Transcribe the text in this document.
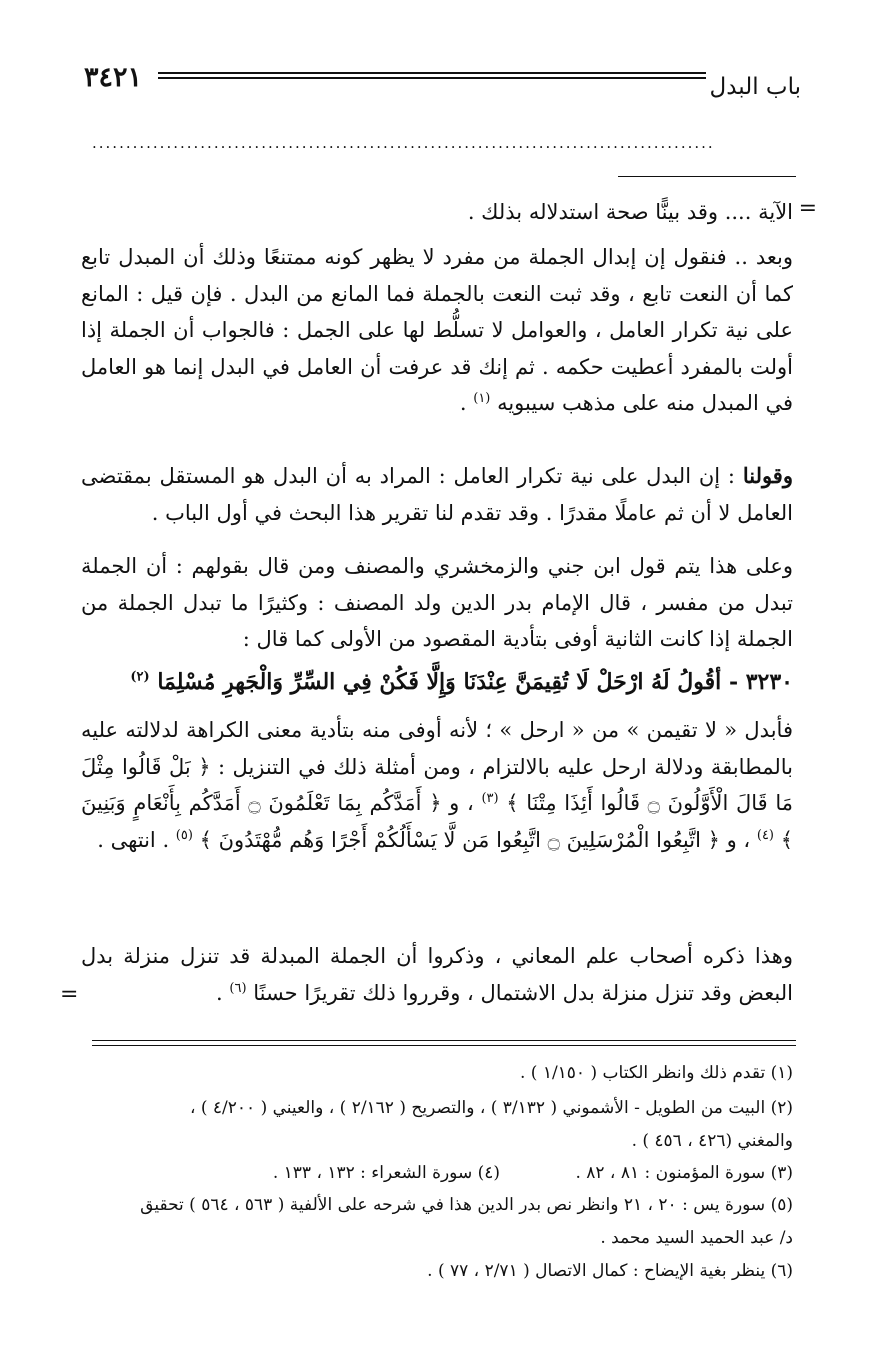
باب البدل
٣٤٢١
............................................................................................
=
الآية .... وقد بينًّا صحة استدلاله بذلك .
وبعد .. فنقول إن إبدال الجملة من مفرد لا يظهر كونه ممتنعًا وذلك أن المبدل تابع كما أن النعت تابع ، وقد ثبت النعت بالجملة فما المانع من البدل . فإن قيل : المانع على نية تكرار العامل ، والعوامل لا تسلُّط لها على الجمل : فالجواب أن الجملة إذا أولت بالمفرد أعطيت حكمه . ثم إنك قد عرفت أن العامل في البدل إنما هو العامل في المبدل منه على مذهب سيبويه $^{(١)}$ .
وقولنا : إن البدل على نية تكرار العامل : المراد به أن البدل هو المستقل بمقتضى العامل لا أن ثم عاملًا مقدرًا . وقد تقدم لنا تقرير هذا البحث في أول الباب .
وعلى هذا يتم قول ابن جني والزمخشري والمصنف ومن قال بقولهم : أن الجملة تبدل من مفسر ، قال الإمام بدر الدين ولد المصنف : وكثيرًا ما تبدل الجملة من الجملة إذا كانت الثانية أوفى بتأدية المقصود من الأولى كما قال :
٣٢٣٠ - أقُولُ لَهُ ارْحَلْ لَا تُقِيمَنَّ عِنْدَنَا وَإِلَّا فَكُنْ فِي السِّرِّ وَالْجَهرِ مُسْلِمَا $^{(٢)}$
فأبدل « لا تقيمن » من « ارحل » ؛ لأنه أوفى منه بتأدية معنى الكراهة لدلالته عليه بالمطابقة ودلالة ارحل عليه بالالتزام ، ومن أمثلة ذلك في التنزيل : ﴿ بَلْ قَالُوا مِثْلَ مَا قَالَ الْأَوَّلُونَ ۝ قَالُوا أَئِذَا مِتْنَا ﴾ $^{(٣)}$ ، و ﴿ أَمَدَّكُم بِمَا تَعْلَمُونَ ۝ أَمَدَّكُم بِأَنْعَامٍ وَبَنِينَ ﴾ $^{(٤)}$ ، و ﴿ اتَّبِعُوا الْمُرْسَلِينَ ۝ اتَّبِعُوا مَن لَّا يَسْأَلُكُمْ أَجْرًا وَهُم مُّهْتَدُونَ ﴾ $^{(٥)}$ . انتهى .
وهذا ذكره أصحاب علم المعاني ، وذكروا أن الجملة المبدلة قد تنزل منزلة بدل البعض وقد تنزل منزلة بدل الاشتمال ، وقرروا ذلك تقريرًا حسنًا $^{(٦)}$ .
=
(١) تقدم ذلك وانظر الكتاب ( ١/١٥٠ ) .
(٢) البيت من الطويل - الأشموني ( ٣/١٣٢ ) ، والتصريح ( ٢/١٦٢ ) ، والعيني ( ٤/٢٠٠ ) ،
والمغني (٤٢٦ ، ٤٥٦ ) .
(٣) سورة المؤمنون : ٨١ ، ٨٢ . (٤) سورة الشعراء : ١٣٢ ، ١٣٣ .
(٥) سورة يس : ٢٠ ، ٢١ وانظر نص بدر الدين هذا في شرحه على الألفية ( ٥٦٣ ، ٥٦٤ ) تحقيق
د/ عبد الحميد السيد محمد .
(٦) ينظر بغية الإيضاح : كمال الاتصال ( ٢/٧١ ، ٧٧ ) .
